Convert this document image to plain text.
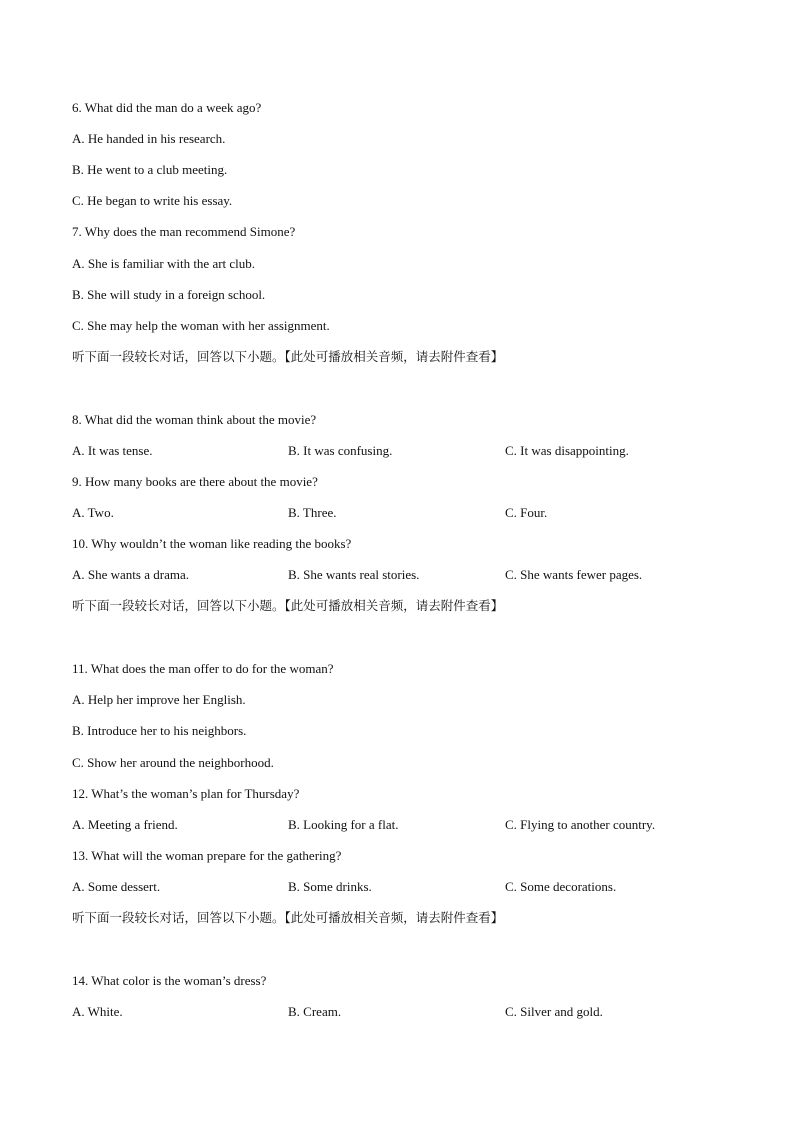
6. What did the man do a week ago?
A. He handed in his research.
B. He went to a club meeting.
C. He began to write his essay.
7. Why does the man recommend Simone?
A. She is familiar with the art club.
B. She will study in a foreign school.
C. She may help the woman with her assignment.
听下面一段较长对话，回答以下小题。【此处可播放相关音频，请去附件查看】
8. What did the woman think about the movie?
A. It was tense.	B. It was confusing.	C. It was disappointing.
9. How many books are there about the movie?
A. Two.	B. Three.	C. Four.
10. Why wouldn’t the woman like reading the books?
A. She wants a drama.	B. She wants real stories.	C. She wants fewer pages.
听下面一段较长对话，回答以下小题。【此处可播放相关音频，请去附件查看】
11. What does the man offer to do for the woman?
A. Help her improve her English.
B. Introduce her to his neighbors.
C. Show her around the neighborhood.
12. What’s the woman’s plan for Thursday?
A. Meeting a friend.	B. Looking for a flat.	C. Flying to another country.
13. What will the woman prepare for the gathering?
A. Some dessert.	B. Some drinks.	C. Some decorations.
听下面一段较长对话，回答以下小题。【此处可播放相关音频，请去附件查看】
14. What color is the woman’s dress?
A. White.	B. Cream.	C. Silver and gold.
